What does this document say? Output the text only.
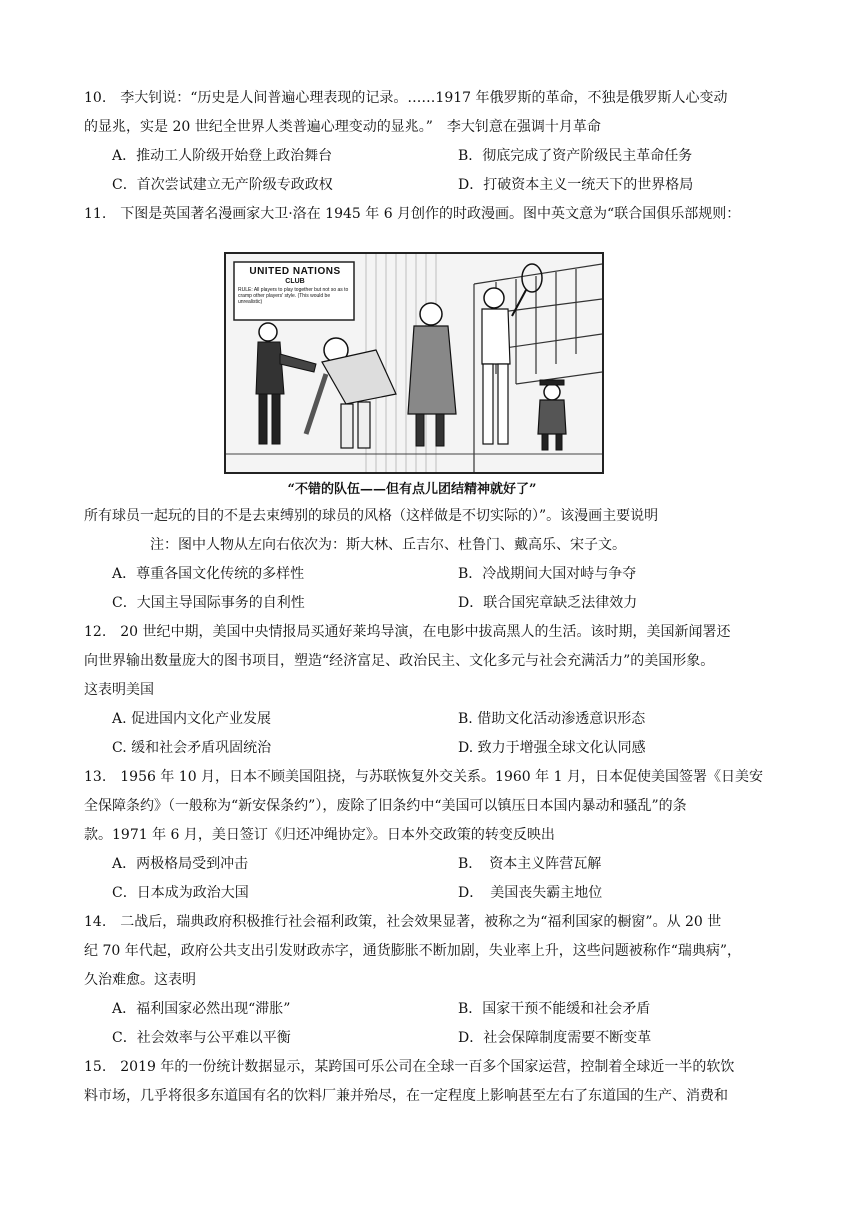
10.　李大钊说：“历史是人间普遍心理表现的记录。……1917 年俄罗斯的革命，不独是俄罗斯人心变动
的显兆，实是 20 世纪全世界人类普遍心理变动的显兆。”　李大钊意在强调十月革命
A．推动工人阶级开始登上政治舞台	B．彻底完成了资产阶级民主革命任务
C．首次尝试建立无产阶级专政政权	D．打破资本主义一统天下的世界格局
11.　下图是英国著名漫画家大卫·洛在 1945 年 6 月创作的时政漫画。图中英文意为“联合国俱乐部规则：
UNITED NATIONS
CLUB
RULE: All players to play together but not so as to cramp other players' style. (This would be unrealistic)
“不错的队伍——但有点儿团结精神就好了”
所有球员一起玩的目的不是去束缚别的球员的风格（这样做是不切实际的）”。该漫画主要说明
注：图中人物从左向右依次为：斯大林、丘吉尔、杜鲁门、戴高乐、宋子文。
A．尊重各国文化传统的多样性	B．冷战期间大国对峙与争夺
C．大国主导国际事务的自利性	D．联合国宪章缺乏法律效力
12.　20 世纪中期，美国中央情报局买通好莱坞导演，在电影中拔高黑人的生活。该时期，美国新闻署还
向世界输出数量庞大的图书项目，塑造“经济富足、政治民主、文化多元与社会充满活力”的美国形象。
这表明美国
A. 促进国内文化产业发展	B. 借助文化活动渗透意识形态
C. 缓和社会矛盾巩固统治	D. 致力于增强全球文化认同感
13.　1956 年 10 月，日本不顾美国阻挠，与苏联恢复外交关系。1960 年 1 月，日本促使美国签署《日美安
全保障条约》（一般称为“新安保条约”），废除了旧条约中“美国可以镇压日本国内暴动和骚乱”的条
款。1971 年 6 月，美日签订《归还冲绳协定》。日本外交政策的转变反映出
A．两极格局受到冲击	B．　资本主义阵营瓦解
C．日本成为政治大国	D．　美国丧失霸主地位
14.　二战后，瑞典政府积极推行社会福利政策，社会效果显著，被称之为“福利国家的橱窗”。从 20 世
纪 70 年代起，政府公共支出引发财政赤字，通货膨胀不断加剧，失业率上升，这些问题被称作“瑞典病”，
久治难愈。这表明
A．福利国家必然出现“滞胀”	B．国家干预不能缓和社会矛盾
C．社会效率与公平难以平衡	D．社会保障制度需要不断变革
15.　2019 年的一份统计数据显示，某跨国可乐公司在全球一百多个国家运营，控制着全球近一半的软饮
料市场，几乎将很多东道国有名的饮料厂兼并殆尽，在一定程度上影响甚至左右了东道国的生产、消费和
